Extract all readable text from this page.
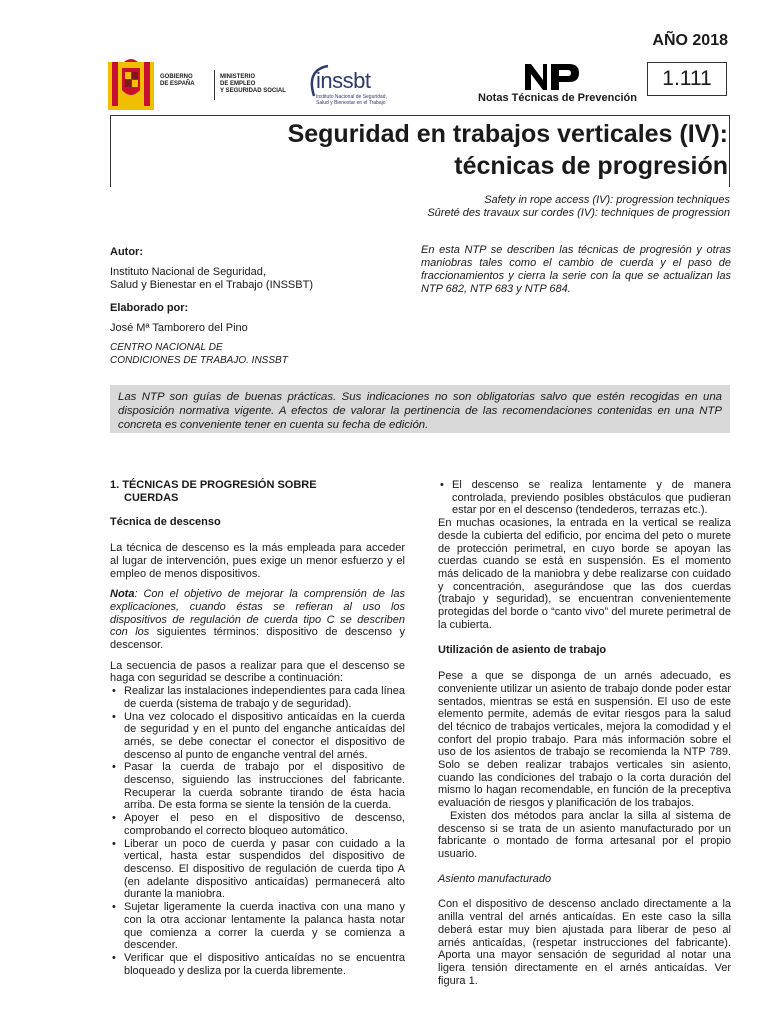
AÑO 2018
GOBIERNO
DE ESPAÑA
MINISTERIO
DE EMPLEO
Y SEGURIDAD SOCIAL inssbt
Instituto Nacional de Seguridad,
Salud y Bienestar en el Trabajo	Notas Técnicas de Prevención
1.111
Seguridad en trabajos verticales (IV):
técnicas de progresión
Safety in rope access (IV): progression techniques
Sûreté des travaux sur cordes (IV): techniques de progression
Autor:
Instituto Nacional de Seguridad,
Salud y Bienestar en el Trabajo (INSSBT)
Elaborado por:
José Mª Tamborero del Pino
CENTRO NACIONAL DE
CONDICIONES DE TRABAJO. INSSBT
En esta NTP se describen las técnicas de progresión y otras maniobras tales como el cambio de cuerda y el paso de fraccionamientos y cierra la serie con la que se actualizan las NTP 682, NTP 683 y NTP 684.
Las NTP son guías de buenas prácticas. Sus indicaciones no son obligatorias salvo que estén recogidas en una disposición normativa vigente. A efectos de valorar la pertinencia de las recomendaciones contenidas en una NTP concreta es conveniente tener en cuenta su fecha de edición.
1. TÉCNICAS DE PROGRESIÓN SOBRE
CUERDAS
Técnica de descenso

La técnica de descenso es la más empleada para acceder al lugar de intervención, pues exige un menor esfuerzo y el empleo de menos dispositivos.

Nota: Con el objetivo de mejorar la comprensión de las explicaciones, cuando éstas se refieran al uso los dispositivos de regulación de cuerda tipo C se describen con los siguientes términos: dispositivo de descenso y descensor.

La secuencia de pasos a realizar para que el descenso se haga con seguridad se describe a continuación:

• Realizar las instalaciones independientes para cada línea de cuerda (sistema de trabajo y de seguridad).
• Una vez colocado el dispositivo anticaídas en la cuerda de seguridad y en el punto del enganche anticaídas del arnés, se debe conectar el conector el dispositivo de descenso al punto de enganche ventral del arnés.
• Pasar la cuerda de trabajo por el dispositivo de descenso, siguiendo las instrucciones del fabricante. Recuperar la cuerda sobrante tirando de ésta hacia arriba. De esta forma se siente la tensión de la cuerda.
• Apoyer el peso en el dispositivo de descenso, comprobando el correcto bloqueo automático.
• Liberar un poco de cuerda y pasar con cuidado a la vertical, hasta estar suspendidos del dispositivo de descenso. El dispositivo de regulación de cuerda tipo A (en adelante dispositivo anticaídas) permanecerá alto durante la maniobra.
• Sujetar ligeramente la cuerda inactiva con una mano y con la otra accionar lentamente la palanca hasta notar que comienza a correr la cuerda y se comienza a descender.
• Verificar que el dispositivo anticaídas no se encuentra bloqueado y desliza por la cuerda libremente.
• El descenso se realiza lentamente y de manera controlada, previendo posibles obstáculos que pudieran estar por en el descenso (tendederos, terrazas etc.).

En muchas ocasiones, la entrada en la vertical se realiza desde la cubierta del edificio, por encima del peto o murete de protección perimetral, en cuyo borde se apoyan las cuerdas cuando se está en suspensión. Es el momento más delicado de la maniobra y debe realizarse con cuidado y concentración, asegurándose que las dos cuerdas (trabajo y seguridad), se encuentran convenientemente protegidas del borde o “canto vivo” del murete perimetral de la cubierta.

Utilización de asiento de trabajo

Pese a que se disponga de un arnés adecuado, es conveniente utilizar un asiento de trabajo donde poder estar sentados, mientras se está en suspensión. El uso de este elemento permite, además de evitar riesgos para la salud del técnico de trabajos verticales, mejora la comodidad y el confort del propio trabajo. Para más información sobre el uso de los asientos de trabajo se recomienda la NTP 789. Solo se deben realizar trabajos verticales sin asiento, cuando las condiciones del trabajo o la corta duración del mismo lo hagan recomendable, en función de la preceptiva evaluación de riesgos y planificación de los trabajos.

Existen dos métodos para anclar la silla al sistema de descenso si se trata de un asiento manufacturado por un fabricante o montado de forma artesanal por el propio usuario.

Asiento manufacturado

Con el dispositivo de descenso anclado directamente a la anilla ventral del arnés anticaídas. En este caso la silla deberá estar muy bien ajustada para liberar de peso al arnés anticaídas, (respetar instrucciones del fabricante). Aporta una mayor sensación de seguridad al notar una ligera tensión directamente en el arnés anticaídas. Ver figura 1.
